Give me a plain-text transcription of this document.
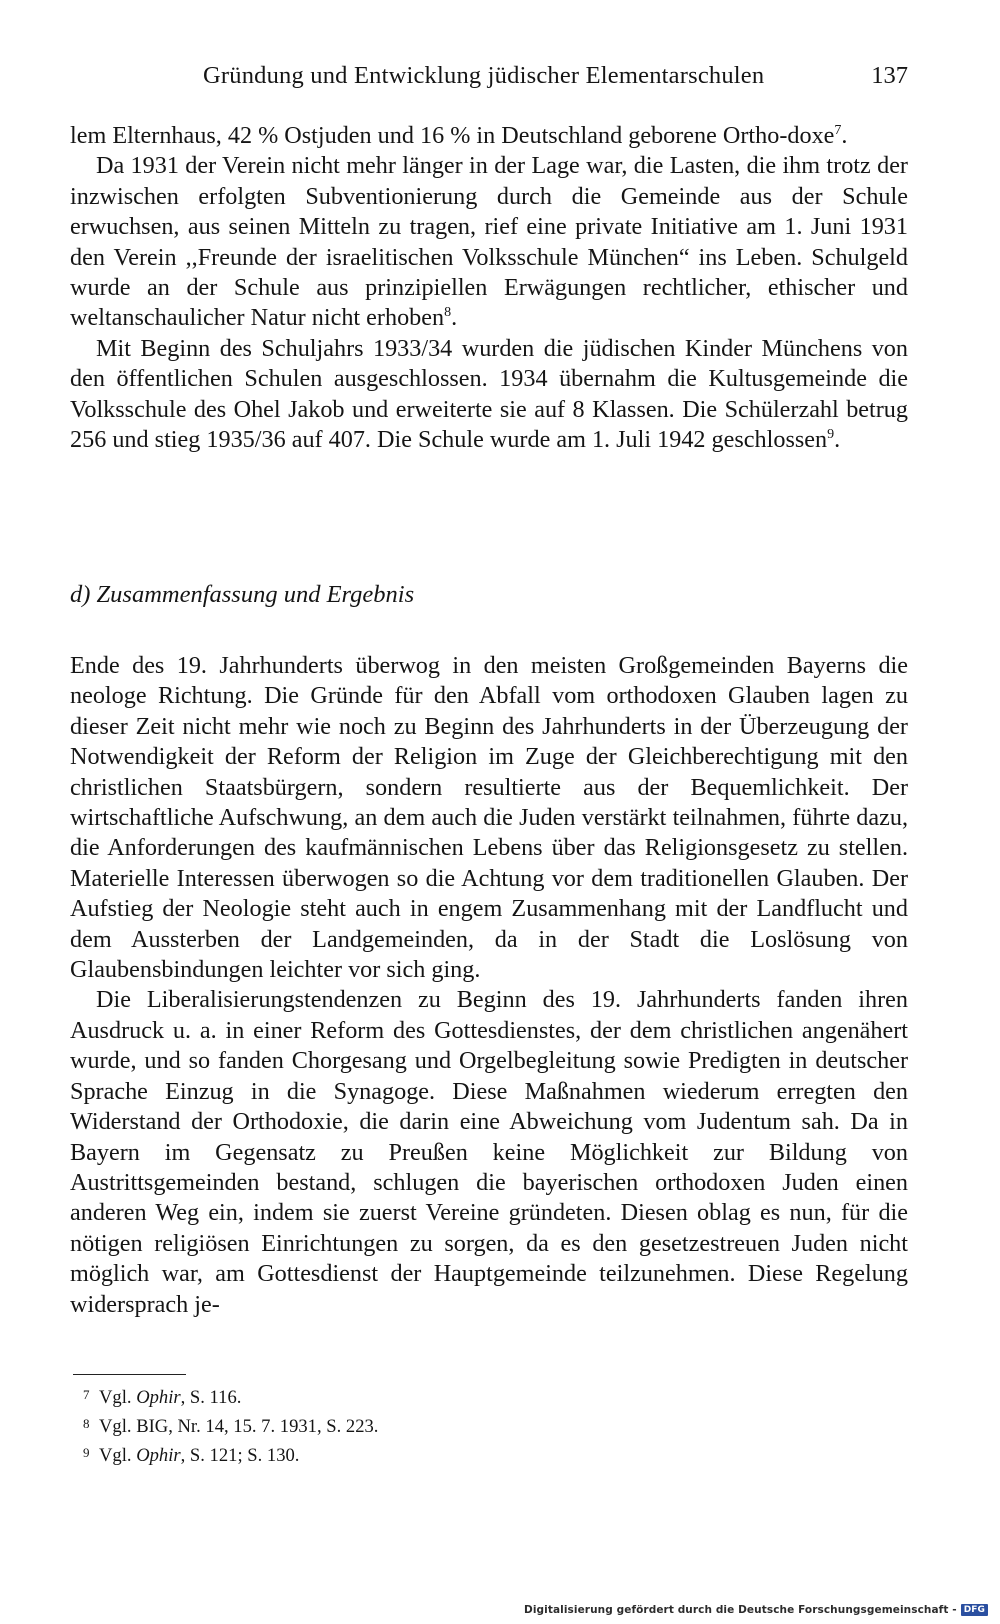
Gründung und Entwicklung jüdischer Elementarschulen	137

lem Elternhaus, 42 % Ostjuden und 16 % in Deutschland geborene Ortho-doxe$^7$.

Da 1931 der Verein nicht mehr länger in der Lage war, die Lasten, die ihm trotz der inzwischen erfolgten Subventionierung durch die Gemeinde aus der Schule erwuchsen, aus seinen Mitteln zu tragen, rief eine private Initiative am 1. Juni 1931 den Verein ,,Freunde der israelitischen Volksschule München“ ins Leben. Schulgeld wurde an der Schule aus prinzipiellen Erwägungen rechtlicher, ethischer und weltanschaulicher Natur nicht erhoben$^8$.

Mit Beginn des Schuljahrs 1933/34 wurden die jüdischen Kinder Münchens von den öffentlichen Schulen ausgeschlossen. 1934 übernahm die Kultusgemeinde die Volksschule des Ohel Jakob und erweiterte sie auf 8 Klassen. Die Schülerzahl betrug 256 und stieg 1935/36 auf 407. Die Schule wurde am 1. Juli 1942 geschlossen$^9$.

d) Zusammenfassung und Ergebnis

Ende des 19. Jahrhunderts überwog in den meisten Großgemeinden Bayerns die neologe Richtung. Die Gründe für den Abfall vom orthodoxen Glauben lagen zu dieser Zeit nicht mehr wie noch zu Beginn des Jahrhunderts in der Überzeugung der Notwendigkeit der Reform der Religion im Zuge der Gleichberechtigung mit den christlichen Staatsbürgern, sondern resultierte aus der Bequemlichkeit. Der wirtschaftliche Aufschwung, an dem auch die Juden verstärkt teilnahmen, führte dazu, die Anforderungen des kaufmännischen Lebens über das Religionsgesetz zu stellen. Materielle Interessen überwogen so die Achtung vor dem traditionellen Glauben. Der Aufstieg der Neologie steht auch in engem Zusammenhang mit der Landflucht und dem Aussterben der Landgemeinden, da in der Stadt die Loslösung von Glaubensbindungen leichter vor sich ging.

Die Liberalisierungstendenzen zu Beginn des 19. Jahrhunderts fanden ihren Ausdruck u. a. in einer Reform des Gottesdienstes, der dem christlichen angenähert wurde, und so fanden Chorgesang und Orgelbegleitung sowie Predigten in deutscher Sprache Einzug in die Synagoge. Diese Maßnahmen wiederum erregten den Widerstand der Orthodoxie, die darin eine Abweichung vom Judentum sah. Da in Bayern im Gegensatz zu Preußen keine Möglichkeit zur Bildung von Austrittsgemeinden bestand, schlugen die bayerischen orthodoxen Juden einen anderen Weg ein, indem sie zuerst Vereine gründeten. Diesen oblag es nun, für die nötigen religiösen Einrichtungen zu sorgen, da es den gesetzestreuen Juden nicht möglich war, am Gottesdienst der Hauptgemeinde teilzunehmen. Diese Regelung widersprach je-

7 Vgl. Ophir, S. 116.
8 Vgl. BIG, Nr. 14, 15. 7. 1931, S. 223.
9 Vgl. Ophir, S. 121; S. 130.
Digitalisierung gefördert durch die Deutsche Forschungsgemeinschaft - DFG
